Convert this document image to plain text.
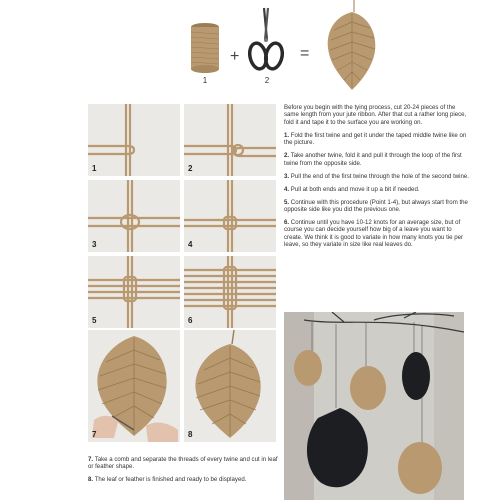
1
+
2
=
1	2
3	4
5	6
7	8

Before you begin with the tying process, cut 20-24 pieces of the same length from your jute ribbon. After that cut a rather long piece, fold it and tape it to the surface you are working on.

1. Fold the first twine and get it under the taped middle twine like on the picture.

2. Take another twine, fold it and pull it through the loop of the first twine from the opposite side.

3. Pull the end of the first twine through the hole of the second twine.

4. Pull at both ends and move it up a bit if needed.

5. Continue with this procedure (Point 1-4), but always start from the opposite side like you did the previous one.

6. Continue until you have 10-12 knots for an average size, but of course you can decide yourself how big of a leave you want to create. We think it is good to variate in how many knots you tie per leave, so they variate in size like real leaves do.

7. Take a comb and separate the threads of every twine and cut in leaf or feather shape.

8. The leaf or feather is finished and ready to be displayed.
